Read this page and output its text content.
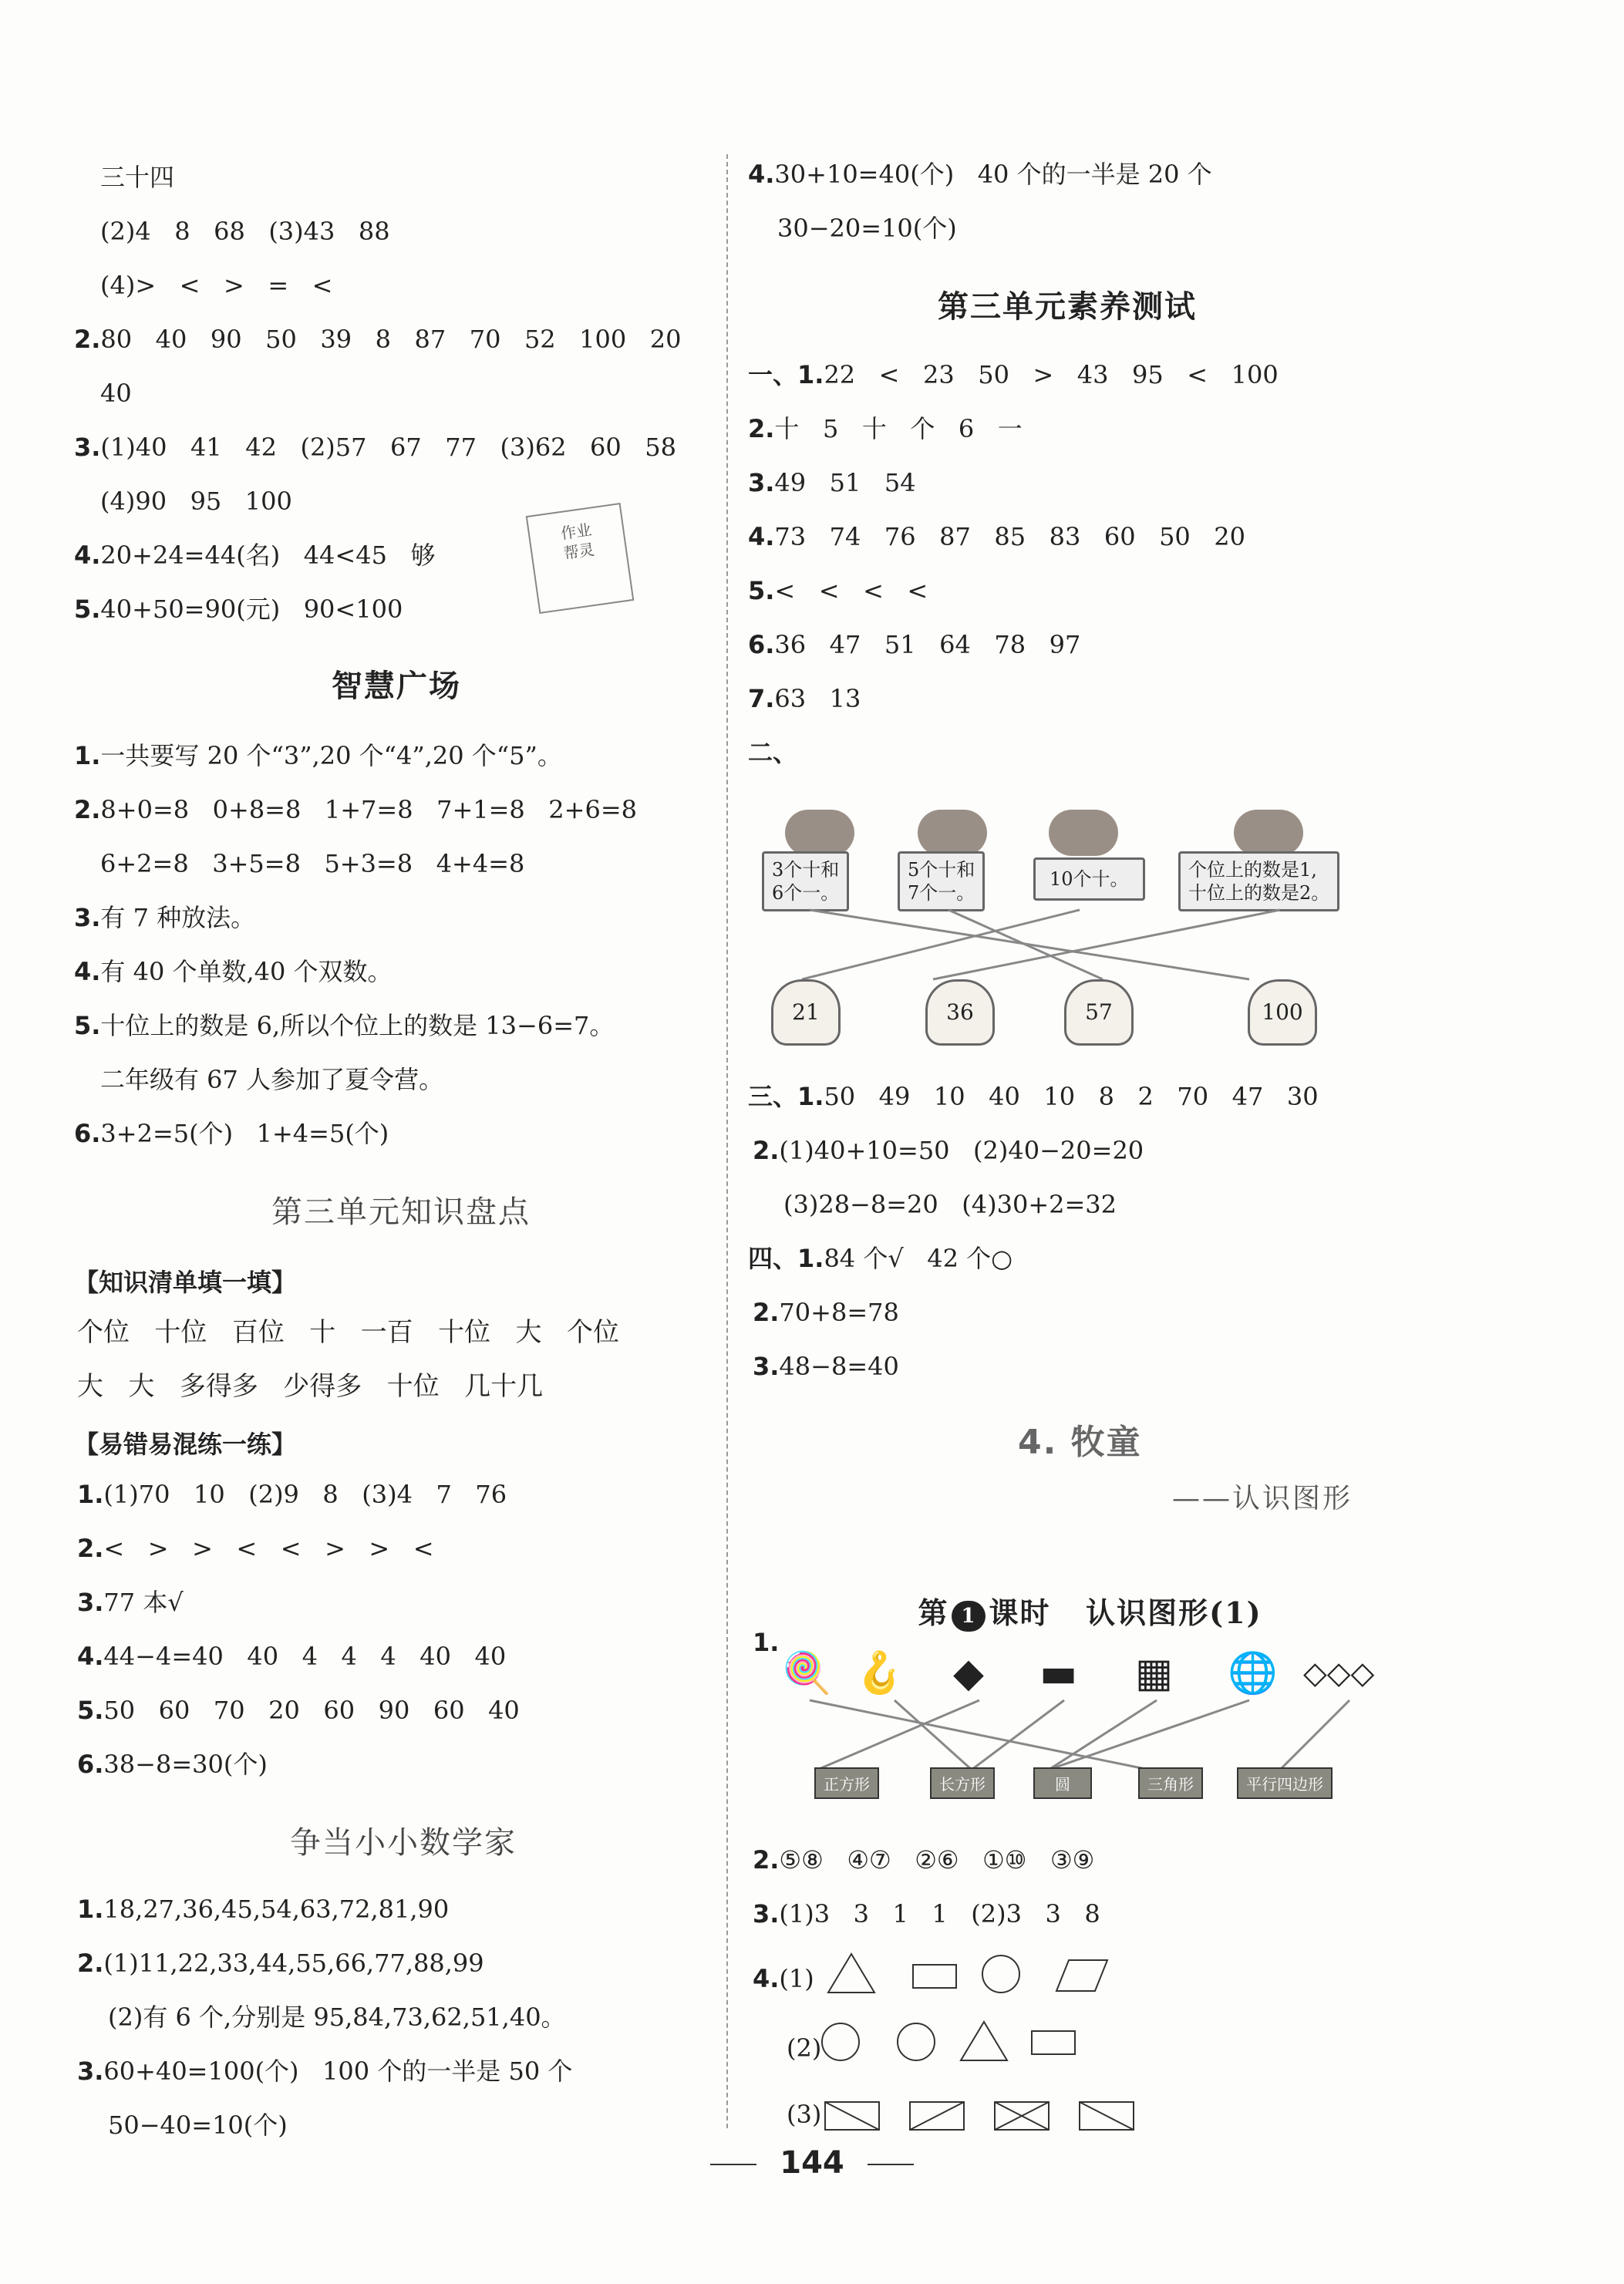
三十四
(2)4   8   68   (3)43   88
(4)>   <   >   =   <
2.80   40   90   50   39   8   87   70   52   100   20
40
3.(1)40   41   42   (2)57   67   77   (3)62   60   58
(4)90   95   100
4.20+24=44(名)   44<45   够
5.40+50=90(元)   90<100
作业
帮灵
智慧广场
1.一共要写 20 个“3”,20 个“4”,20 个“5”。
2.8+0=8   0+8=8   1+7=8   7+1=8   2+6=8
6+2=8   3+5=8   5+3=8   4+4=8
3.有 7 种放法。
4.有 40 个单数,40 个双数。
5.十位上的数是 6,所以个位上的数是 13−6=7。
二年级有 67 人参加了夏令营。
6.3+2=5(个)   1+4=5(个)
第三单元知识盘点
【知识清单填一填】
个位   十位   百位   十   一百   十位   大   个位
大   大   多得多   少得多   十位   几十几
【易错易混练一练】
1.(1)70   10   (2)9   8   (3)4   7   76
2.<   >   >   <   <   >   >   <
3.77 本√
4.44−4=40   40   4   4   4   40   40
5.50   60   70   20   60   90   60   40
6.38−8=30(个)
争当小小数学家
1.18,27,36,45,54,63,72,81,90
2.(1)11,22,33,44,55,66,77,88,99
(2)有 6 个,分别是 95,84,73,62,51,40。
3.60+40=100(个)   100 个的一半是 50 个
50−40=10(个)
4.30+10=40(个)   40 个的一半是 20 个
30−20=10(个)
第三单元素养测试
一、1.22   <   23   50   >   43   95   <   100
2.十   5   十   个   6   一
3.49   51   54
4.73   74   76   87   85   83   60   50   20
5.<   <   <   <
6.36   47   51   64   78   97
7.63   13
二、
3个十和
6个一。
5个十和
7个一。
10个十。	个位上的数是1,
十位上的数是2。
21	36	57	100
三、1.50   49   10   40   10   8   2   70   47   30
2.(1)40+10=50   (2)40−20=20
(3)28−8=20   (4)30+2=32
四、1.84 个√   42 个○
2.70+8=78
3.48−8=40
4. 牧童
——认识图形

第 1 课时   认识图形(1)

1.
🍭 🪝 ◆ ▬ ▦ 🌐 ◇◇◇
正方形	长方形	圆	三角形	平行四边形
2.⑤⑧   ④⑦   ②⑥   ①⑩   ③⑨
3.(1)3   3   1   1   (2)3   3   8
4.(1)
(2)
(3)
144
